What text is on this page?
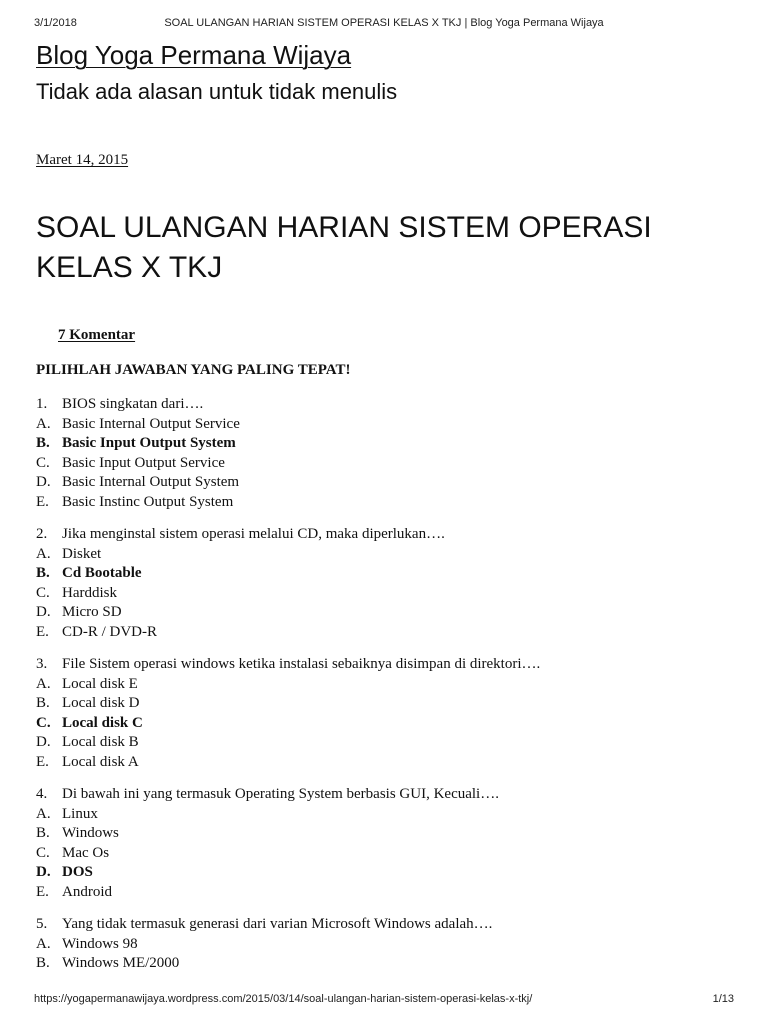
3/1/2018	SOAL ULANGAN HARIAN SISTEM OPERASI KELAS X TKJ | Blog Yoga Permana Wijaya
Blog Yoga Permana Wijaya
Tidak ada alasan untuk tidak menulis
Maret 14, 2015
SOAL ULANGAN HARIAN SISTEM OPERASI KELAS X TKJ
7 Komentar
PILIHLAH JAWABAN YANG PALING TEPAT!
1. BIOS singkatan dari….
A. Basic Internal Output Service
B. Basic Input Output System
C. Basic Input Output Service
D. Basic Internal Output System
E. Basic Instinc Output System
2. Jika menginstal sistem operasi melalui CD, maka diperlukan….
A. Disket
B. Cd Bootable
C. Harddisk
D. Micro SD
E. CD-R / DVD-R
3. File Sistem operasi windows ketika instalasi sebaiknya disimpan di direktori….
A. Local disk E
B. Local disk D
C. Local disk C
D. Local disk B
E. Local disk A
4. Di bawah ini yang termasuk Operating System berbasis GUI, Kecuali….
A. Linux
B. Windows
C. Mac Os
D. DOS
E. Android
5. Yang tidak termasuk generasi dari varian Microsoft Windows adalah….
A. Windows 98
B. Windows ME/2000
https://yogapermanawijaya.wordpress.com/2015/03/14/soal-ulangan-harian-sistem-operasi-kelas-x-tkj/	1/13
